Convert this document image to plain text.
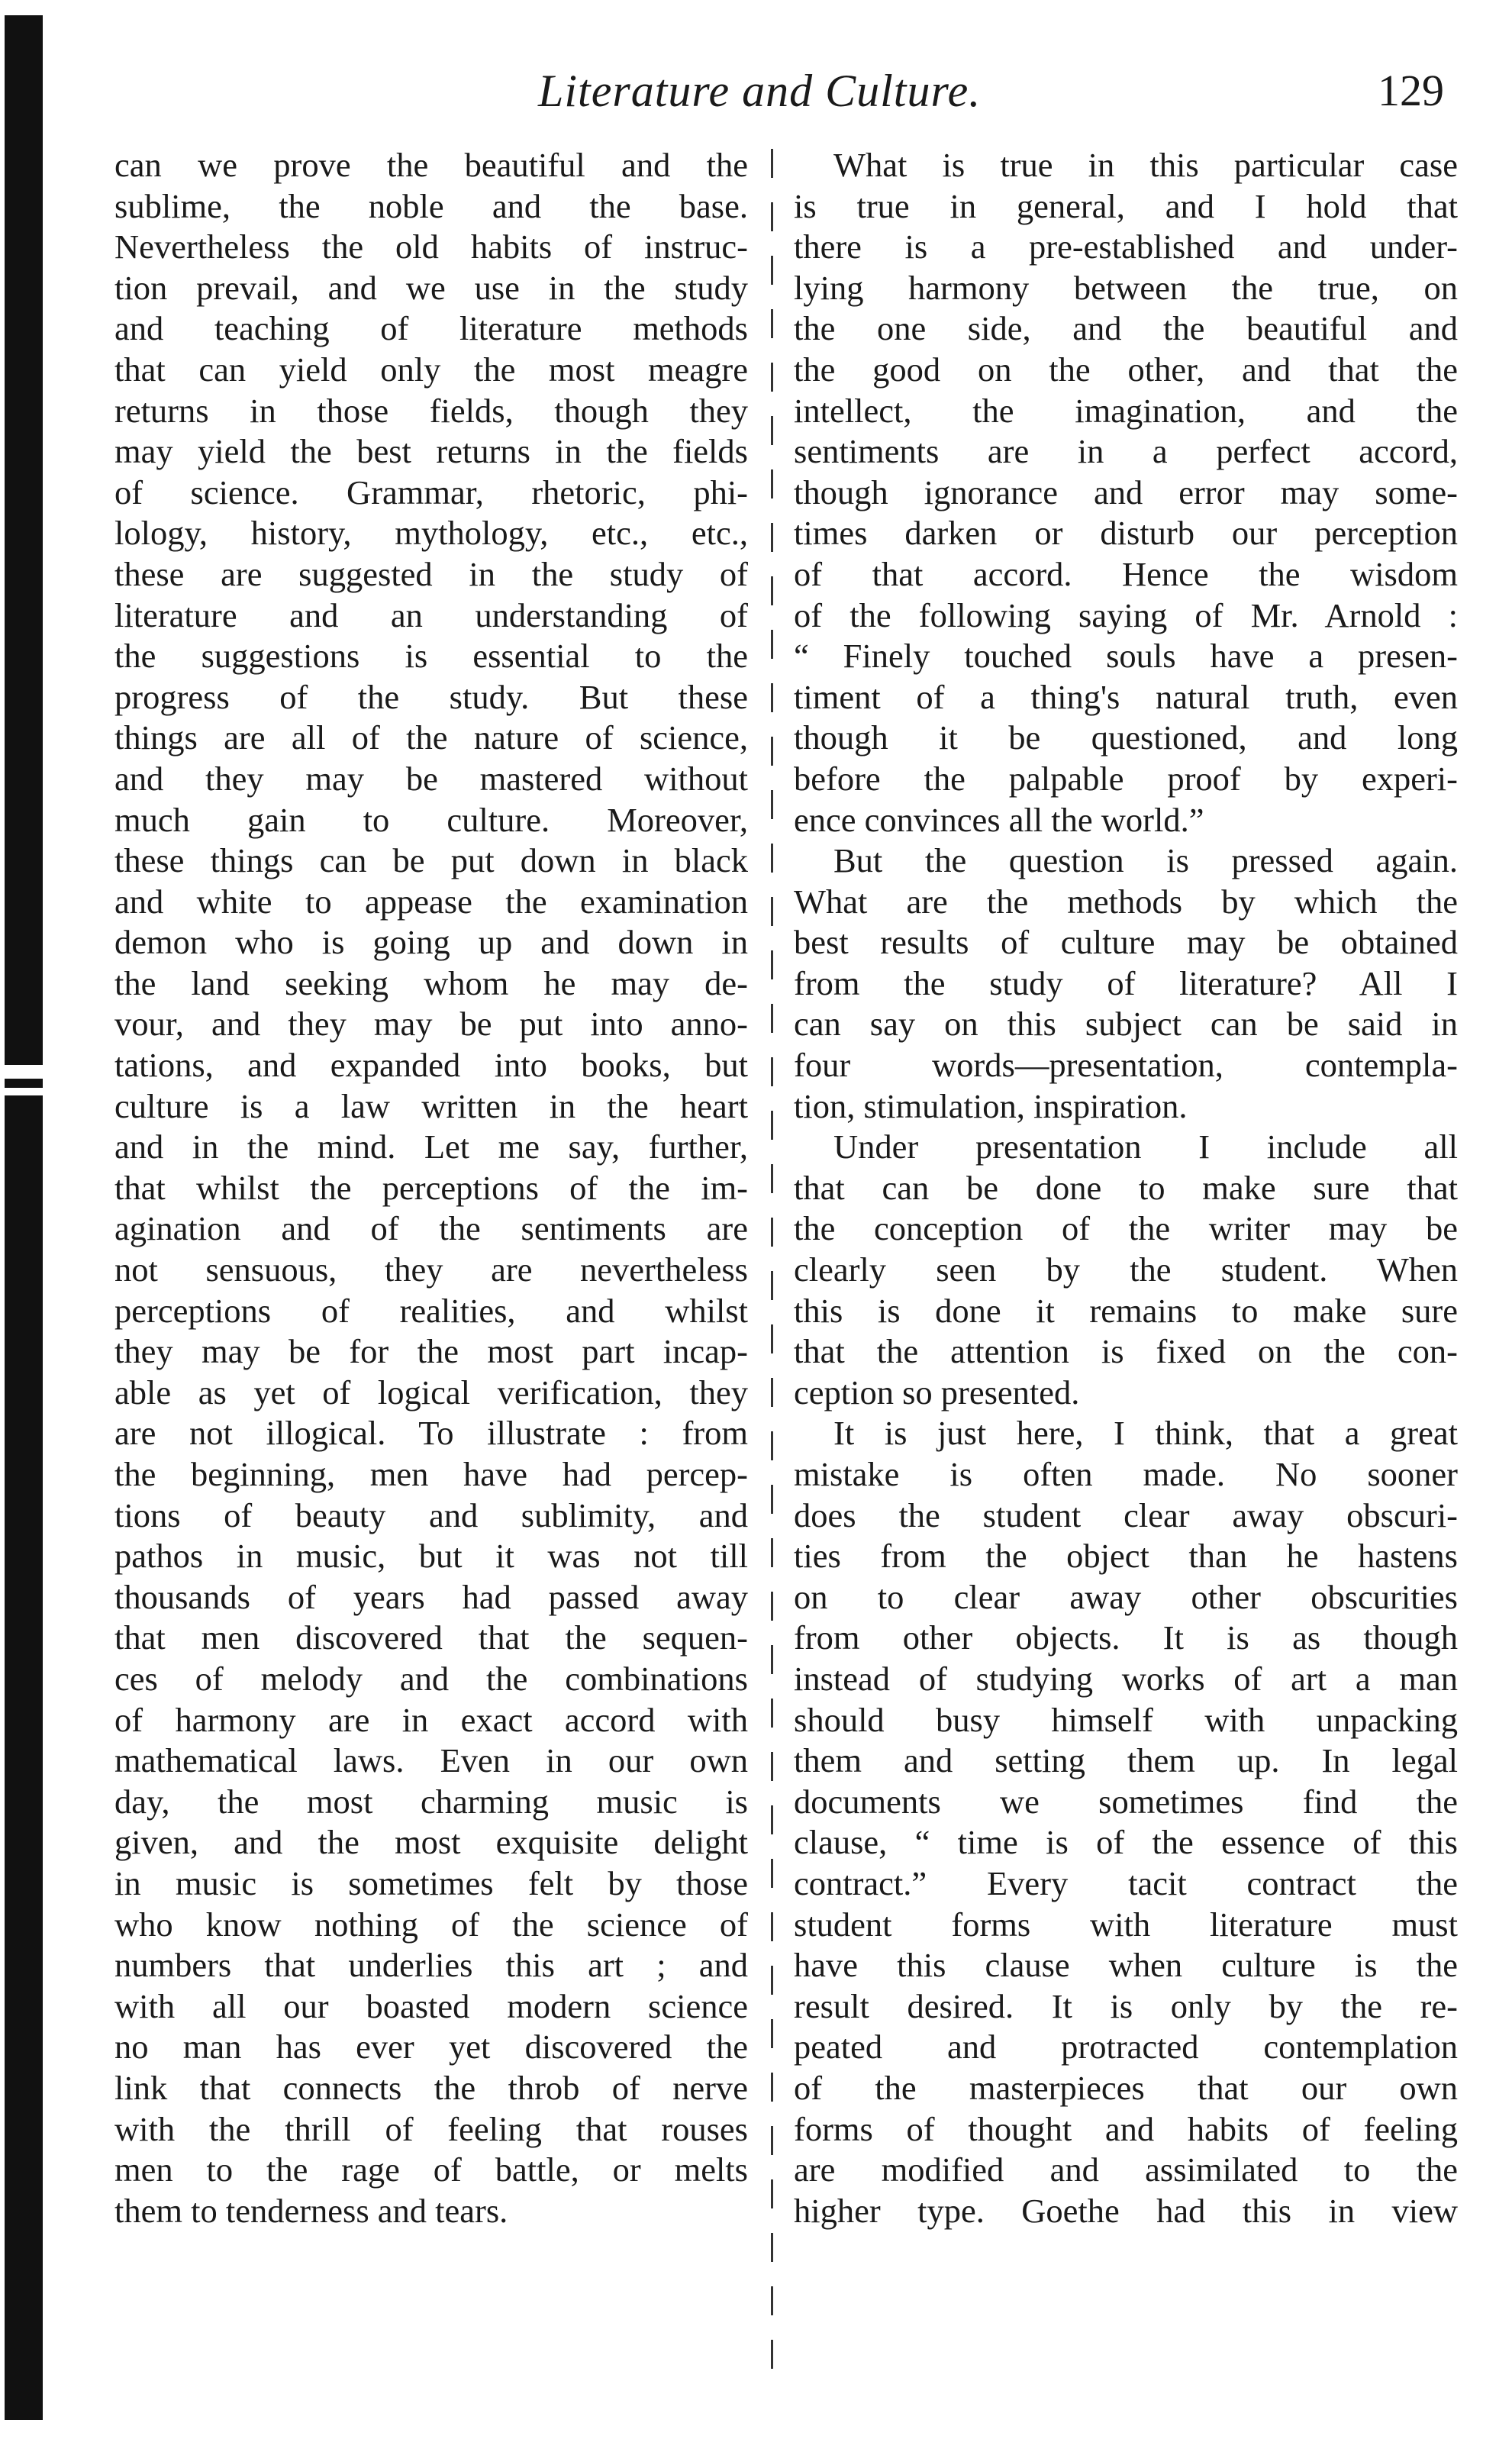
Literature and Culture.	129
can we prove the beautiful and the
sublime, the noble and the base.
Nevertheless the old habits of instruc-
tion prevail, and we use in the study
and teaching of literature methods
that can yield only the most meagre
returns in those fields, though they
may yield the best returns in the fields
of science. Grammar, rhetoric, phi-
lology, history, mythology, etc., etc.,
these are suggested in the study of
literature and an understanding of
the suggestions is essential to the
progress of the study. But these
things are all of the nature of science,
and they may be mastered without
much gain to culture. Moreover,
these things can be put down in black
and white to appease the examination
demon who is going up and down in
the land seeking whom he may de-
vour, and they may be put into anno-
tations, and expanded into books, but
culture is a law written in the heart
and in the mind. Let me say, further,
that whilst the perceptions of the im-
agination and of the sentiments are
not sensuous, they are nevertheless
perceptions of realities, and whilst
they may be for the most part incap-
able as yet of logical verification, they
are not illogical. To illustrate : from
the beginning, men have had percep-
tions of beauty and sublimity, and
pathos in music, but it was not till
thousands of years had passed away
that men discovered that the sequen-
ces of melody and the combinations
of harmony are in exact accord with
mathematical laws. Even in our own
day, the most charming music is
given, and the most exquisite delight
in music is sometimes felt by those
who know nothing of the science of
numbers that underlies this art ; and
with all our boasted modern science
no man has ever yet discovered the
link that connects the throb of nerve
with the thrill of feeling that rouses
men to the rage of battle, or melts
them to tenderness and tears.
What is true in this particular case
is true in general, and I hold that
there is a pre-established and under-
lying harmony between the true, on
the one side, and the beautiful and
the good on the other, and that the
intellect, the imagination, and the
sentiments are in a perfect accord,
though ignorance and error may some-
times darken or disturb our perception
of that accord. Hence the wisdom
of the following saying of Mr. Arnold :
“ Finely touched souls have a presen-
timent of a thing's natural truth, even
though it be questioned, and long
before the palpable proof by experi-
ence convinces all the world.”
But the question is pressed again.
What are the methods by which the
best results of culture may be obtained
from the study of literature? All I
can say on this subject can be said in
four words—presentation, contempla-
tion, stimulation, inspiration.
Under presentation I include all
that can be done to make sure that
the conception of the writer may be
clearly seen by the student. When
this is done it remains to make sure
that the attention is fixed on the con-
ception so presented.
It is just here, I think, that a great
mistake is often made. No sooner
does the student clear away obscuri-
ties from the object than he hastens
on to clear away other obscurities
from other objects. It is as though
instead of studying works of art a man
should busy himself with unpacking
them and setting them up. In legal
documents we sometimes find the
clause, “ time is of the essence of this
contract.” Every tacit contract the
student forms with literature must
have this clause when culture is the
result desired. It is only by the re-
peated and protracted contemplation
of the masterpieces that our own
forms of thought and habits of feeling
are modified and assimilated to the
higher type. Goethe had this in view
